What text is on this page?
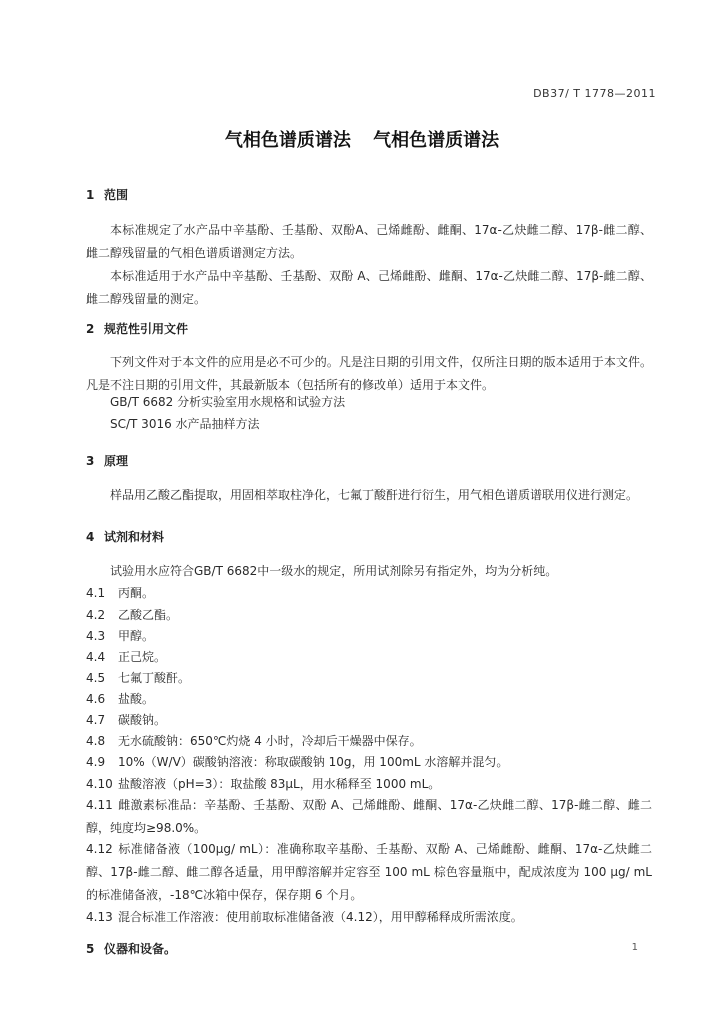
DB37/ T 1778—2011
气相色谱质谱法 气相色谱质谱法
1 范围
本标准规定了水产品中辛基酚、壬基酚、双酚A、己烯雌酚、雌酮、17α-乙炔雌二醇、17β-雌二醇、雌二醇残留量的气相色谱质谱测定方法。
本标准适用于水产品中辛基酚、壬基酚、双酚 A、己烯雌酚、雌酮、17α-乙炔雌二醇、17β-雌二醇、雌二醇残留量的测定。
2 规范性引用文件
下列文件对于本文件的应用是必不可少的。凡是注日期的引用文件，仅所注日期的版本适用于本文件。凡是不注日期的引用文件，其最新版本（包括所有的修改单）适用于本文件。
GB/T 6682 分析实验室用水规格和试验方法
SC/T 3016 水产品抽样方法
3 原理
样品用乙酸乙酯提取，用固相萃取柱净化，七氟丁酸酐进行衍生，用气相色谱质谱联用仪进行测定。
4 试剂和材料
试验用水应符合GB/T 6682中一级水的规定，所用试剂除另有指定外，均为分析纯。
4.1 丙酮。
4.2 乙酸乙酯。
4.3 甲醇。
4.4 正己烷。
4.5 七氟丁酸酐。
4.6 盐酸。
4.7 碳酸钠。
4.8 无水硫酸钠：650℃灼烧 4 小时，冷却后干燥器中保存。
4.9 10%（W/V）碳酸钠溶液：称取碳酸钠 10g，用 100mL 水溶解并混匀。
4.10 盐酸溶液（pH=3）：取盐酸 83μL，用水稀释至 1000 mL。
4.11 雌激素标准品：辛基酚、壬基酚、双酚 A、己烯雌酚、雌酮、17α-乙炔雌二醇、17β-雌二醇、雌二醇，纯度均≥98.0%。
4.12 标准储备液（100μg/ mL）：准确称取辛基酚、壬基酚、双酚 A、己烯雌酚、雌酮、17α-乙炔雌二醇、17β-雌二醇、雌二醇各适量，用甲醇溶解并定容至 100 mL 棕色容量瓶中，配成浓度为 100 μg/ mL 的标准储备液，-18℃冰箱中保存，保存期 6 个月。
4.13 混合标准工作溶液：使用前取标准储备液（4.12），用甲醇稀释成所需浓度。
5 仪器和设备。	1
